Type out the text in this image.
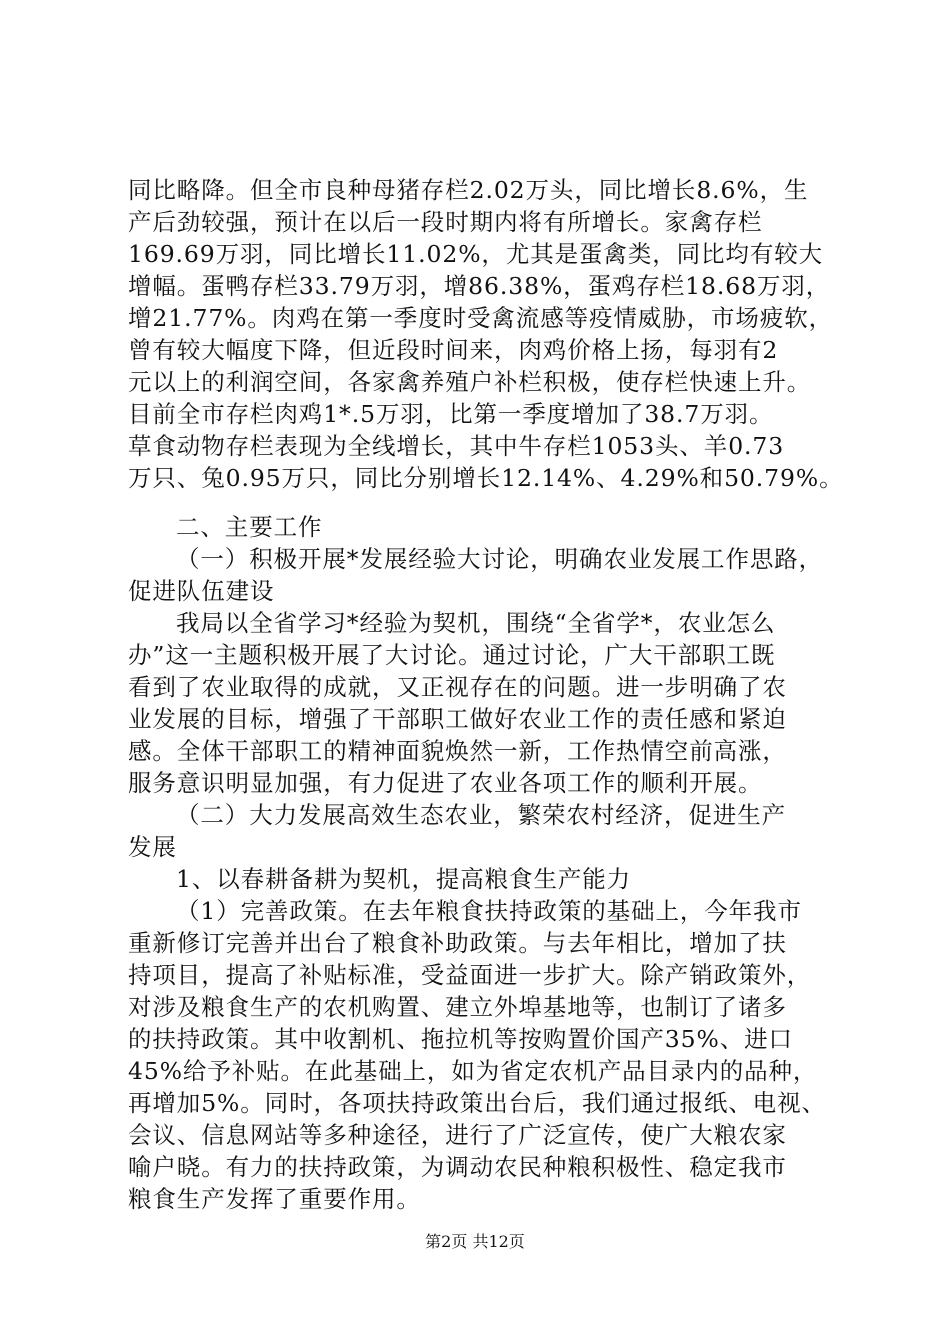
同比略降。但全市良种母猪存栏2.02万头，同比增长8.6%，生
产后劲较强，预计在以后一段时期内将有所增长。家禽存栏
169.69万羽，同比增长11.02%，尤其是蛋禽类，同比均有较大
增幅。蛋鸭存栏33.79万羽，增86.38%，蛋鸡存栏18.68万羽，
增21.77%。肉鸡在第一季度时受禽流感等疫情威胁，市场疲软，
曾有较大幅度下降，但近段时间来，肉鸡价格上扬，每羽有2
元以上的利润空间，各家禽养殖户补栏积极，使存栏快速上升。
目前全市存栏肉鸡1*.5万羽，比第一季度增加了38.7万羽。
草食动物存栏表现为全线增长，其中牛存栏1053头、羊0.73
万只、兔0.95万只，同比分别增长12.14%、4.29%和50.79%。
二、主要工作
（一）积极开展*发展经验大讨论，明确农业发展工作思路，
促进队伍建设
我局以全省学习*经验为契机，围绕“全省学*，农业怎么
办”这一主题积极开展了大讨论。通过讨论，广大干部职工既
看到了农业取得的成就，又正视存在的问题。进一步明确了农
业发展的目标，增强了干部职工做好农业工作的责任感和紧迫
感。全体干部职工的精神面貌焕然一新，工作热情空前高涨，
服务意识明显加强，有力促进了农业各项工作的顺利开展。
（二）大力发展高效生态农业，繁荣农村经济，促进生产
发展
1、以春耕备耕为契机，提高粮食生产能力
（1）完善政策。在去年粮食扶持政策的基础上，今年我市
重新修订完善并出台了粮食补助政策。与去年相比，增加了扶
持项目，提高了补贴标准，受益面进一步扩大。除产销政策外，
对涉及粮食生产的农机购置、建立外埠基地等，也制订了诸多
的扶持政策。其中收割机、拖拉机等按购置价国产35%、进口
45%给予补贴。在此基础上，如为省定农机产品目录内的品种，
再增加5%。同时，各项扶持政策出台后，我们通过报纸、电视、
会议、信息网站等多种途径，进行了广泛宣传，使广大粮农家
喻户晓。有力的扶持政策，为调动农民种粮积极性、稳定我市
粮食生产发挥了重要作用。
第2页 共12页
